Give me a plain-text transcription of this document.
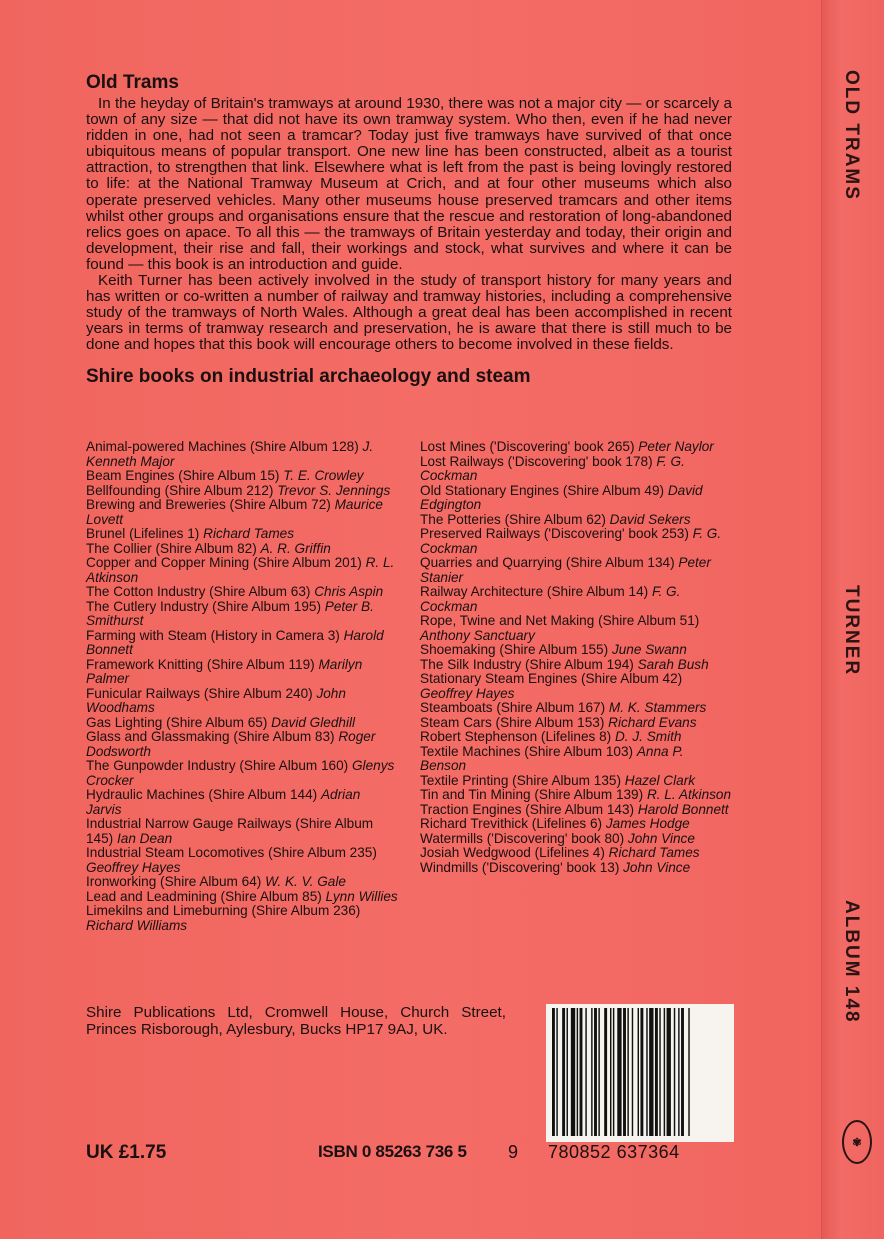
OLD TRAMS
TURNER
ALBUM 148
✾
Old Trams

In the heyday of Britain's tramways at around 1930, there was not a major city — or scarcely a town of any size — that did not have its own tramway system. Who then, even if he had never ridden in one, had not seen a tramcar? Today just five tramways have survived of that once ubiquitous means of popular transport. One new line has been constructed, albeit as a tourist attraction, to strengthen that link. Elsewhere what is left from the past is being lovingly restored to life: at the National Tramway Museum at Crich, and at four other museums which also operate preserved vehicles. Many other museums house preserved tramcars and other items whilst other groups and organisations ensure that the rescue and restoration of long-abandoned relics goes on apace. To all this — the tramways of Britain yesterday and today, their origin and development, their rise and fall, their workings and stock, what survives and where it can be found — this book is an introduction and guide.

Keith Turner has been actively involved in the study of transport history for many years and has written or co-written a number of railway and tramway histories, including a comprehensive study of the tramways of North Wales. Although a great deal has been accomplished in recent years in terms of tramway research and preservation, he is aware that there is still much to be done and hopes that this book will encourage others to become involved in these fields.

Shire books on industrial archaeology and steam

Animal-powered Machines (Shire Album 128) J. Kenneth Major

Beam Engines (Shire Album 15) T. E. Crowley

Bellfounding (Shire Album 212) Trevor S. Jennings

Brewing and Breweries (Shire Album 72) Maurice Lovett

Brunel (Lifelines 1) Richard Tames

The Collier (Shire Album 82) A. R. Griffin

Copper and Copper Mining (Shire Album 201) R. L. Atkinson

The Cotton Industry (Shire Album 63) Chris Aspin

The Cutlery Industry (Shire Album 195) Peter B. Smithurst

Farming with Steam (History in Camera 3) Harold Bonnett

Framework Knitting (Shire Album 119) Marilyn Palmer

Funicular Railways (Shire Album 240) John Woodhams

Gas Lighting (Shire Album 65) David Gledhill

Glass and Glassmaking (Shire Album 83) Roger Dodsworth

The Gunpowder Industry (Shire Album 160) Glenys Crocker

Hydraulic Machines (Shire Album 144) Adrian Jarvis

Industrial Narrow Gauge Railways (Shire Album 145) Ian Dean

Industrial Steam Locomotives (Shire Album 235) Geoffrey Hayes

Ironworking (Shire Album 64) W. K. V. Gale

Lead and Leadmining (Shire Album 85) Lynn Willies

Limekilns and Limeburning (Shire Album 236) Richard Williams

Lost Mines ('Discovering' book 265) Peter Naylor

Lost Railways ('Discovering' book 178) F. G. Cockman

Old Stationary Engines (Shire Album 49) David Edgington

The Potteries (Shire Album 62) David Sekers

Preserved Railways ('Discovering' book 253) F. G. Cockman

Quarries and Quarrying (Shire Album 134) Peter Stanier

Railway Architecture (Shire Album 14) F. G. Cockman

Rope, Twine and Net Making (Shire Album 51) Anthony Sanctuary

Shoemaking (Shire Album 155) June Swann

The Silk Industry (Shire Album 194) Sarah Bush

Stationary Steam Engines (Shire Album 42) Geoffrey Hayes

Steamboats (Shire Album 167) M. K. Stammers

Steam Cars (Shire Album 153) Richard Evans

Robert Stephenson (Lifelines 8) D. J. Smith

Textile Machines (Shire Album 103) Anna P. Benson

Textile Printing (Shire Album 135) Hazel Clark

Tin and Tin Mining (Shire Album 139) R. L. Atkinson

Traction Engines (Shire Album 143) Harold Bonnett

Richard Trevithick (Lifelines 6) James Hodge

Watermills ('Discovering' book 80) John Vince

Josiah Wedgwood (Lifelines 4) Richard Tames

Windmills ('Discovering' book 13) John Vince

Shire Publications Ltd, Cromwell House, Church Street, Princes Risborough, Aylesbury, Bucks HP17 9AJ, UK.
UK £1.75	ISBN 0 85263 736 5 9 780852 637364
